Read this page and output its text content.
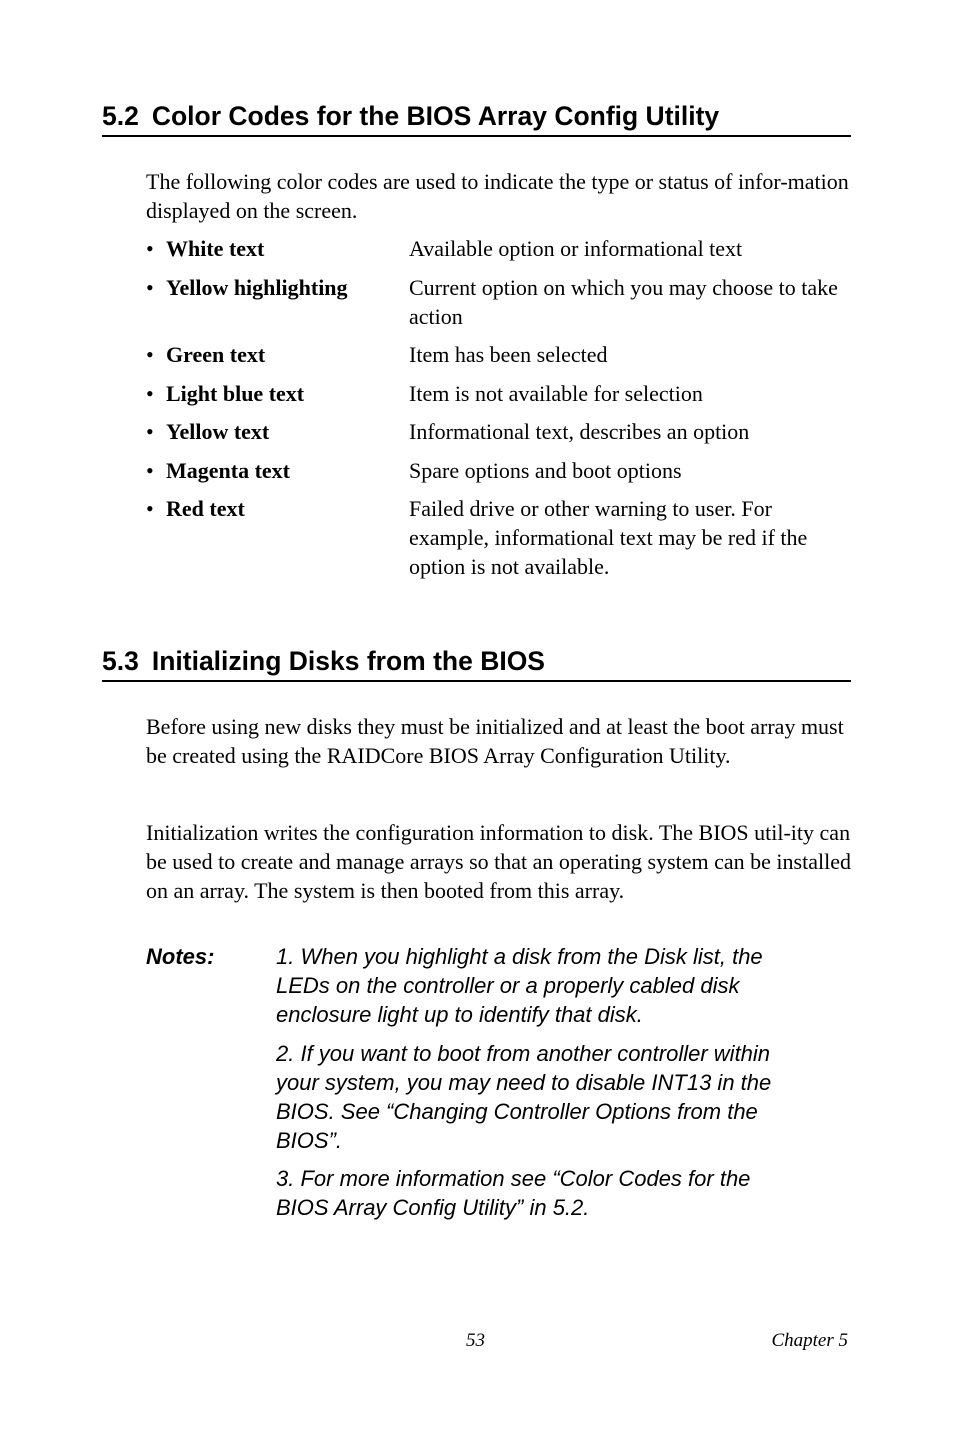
5.2 Color Codes for the BIOS Array Config Utility

The following color codes are used to indicate the type or status of infor-mation displayed on the screen.

• White text	Available option or informational text
• Yellow highlighting	Current option on which you may choose to take action
• Green text	Item has been selected
• Light blue text	Item is not available for selection
• Yellow text	Informational text, describes an option
• Magenta text	Spare options and boot options
• Red text	Failed drive or other warning to user. For example, informational text may be red if the option is not available.
5.3 Initializing Disks from the BIOS

Before using new disks they must be initialized and at least the boot array must be created using the RAIDCore BIOS Array Configuration Utility.

Initialization writes the configuration information to disk. The BIOS util-ity can be used to create and manage arrays so that an operating system can be installed on an array. The system is then booted from this array.

Notes:	1. When you highlight a disk from the Disk list, the LEDs on the controller or a properly cabled disk enclosure light up to identify that disk.
2. If you want to boot from another controller within your system, you may need to disable INT13 in the BIOS. See “Changing Controller Options from the BIOS”.
3. For more information see “Color Codes for the BIOS Array Config Utility” in 5.2.
53	Chapter 5
